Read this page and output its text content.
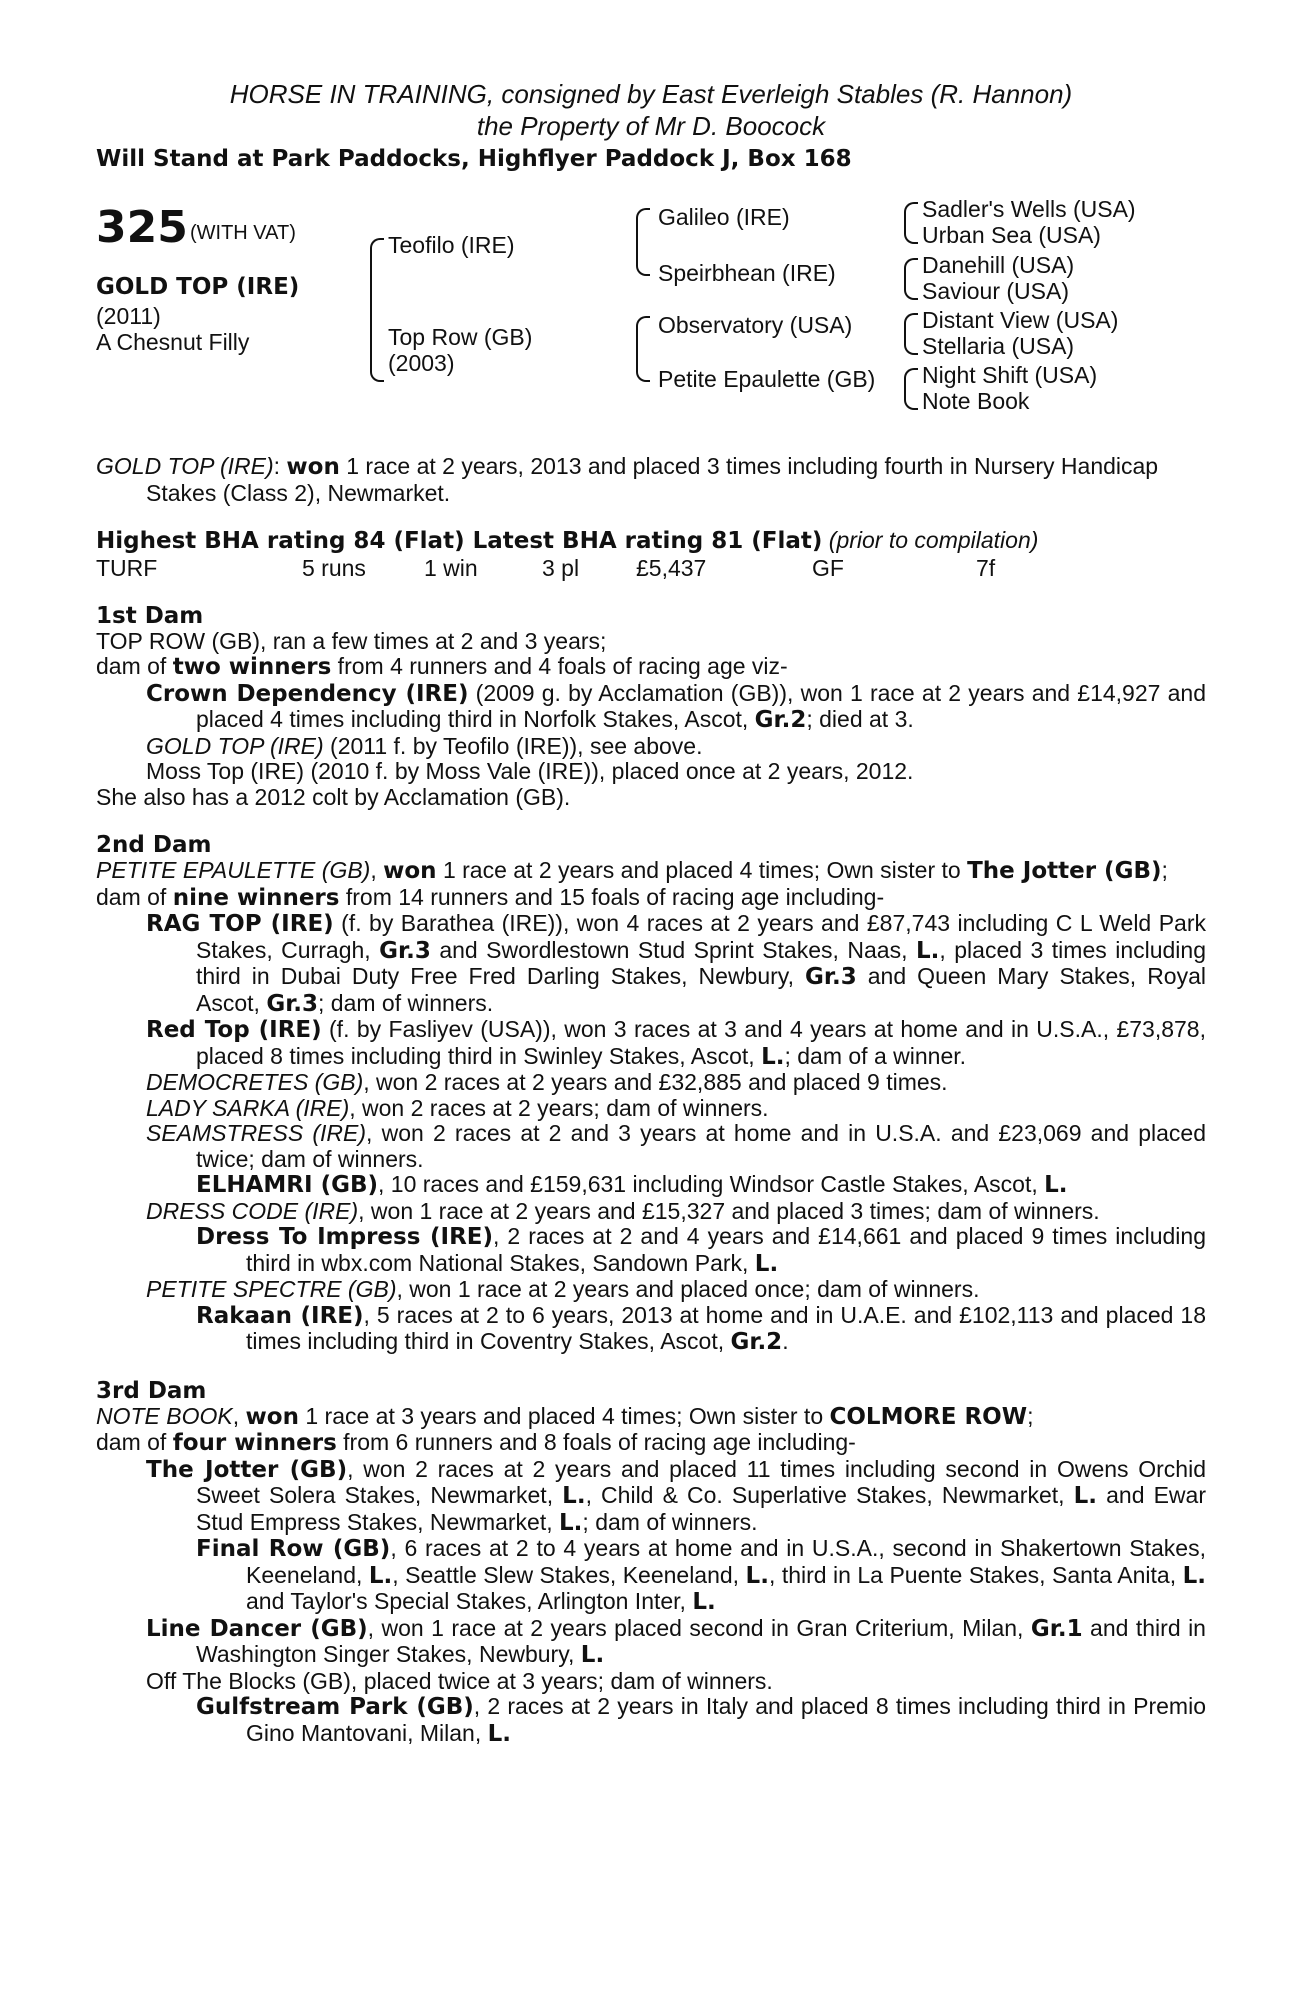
HORSE IN TRAINING, consigned by East Everleigh Stables (R. Hannon)
the Property of Mr D. Boocock
Will Stand at Park Paddocks, Highflyer Paddock J, Box 168
325 (WITH VAT)
GOLD TOP (IRE)
(2011)
A Chesnut Filly
Teofilo (IRE)
Top Row (GB)
(2003)
Galileo (IRE)
Speirbhean (IRE)
Observatory (USA)
Petite Epaulette (GB)
Sadler's Wells (USA)
Urban Sea (USA)
Danehill (USA)
Saviour (USA)
Distant View (USA)
Stellaria (USA)
Night Shift (USA)
Note Book
GOLD TOP (IRE): won 1 race at 2 years, 2013 and placed 3 times including fourth in Nursery Handicap Stakes (Class 2), Newmarket.
Highest BHA rating 84 (Flat) Latest BHA rating 81 (Flat) (prior to compilation)
TURF	5 runs	1 win	3 pl £5,437	GF	7f
1st Dam
TOP ROW (GB), ran a few times at 2 and 3 years;
dam of two winners from 4 runners and 4 foals of racing age viz-
Crown Dependency (IRE) (2009 g. by Acclamation (GB)), won 1 race at 2 years and £14,927 and placed 4 times including third in Norfolk Stakes, Ascot, Gr.2; died at 3.
GOLD TOP (IRE) (2011 f. by Teofilo (IRE)), see above.
Moss Top (IRE) (2010 f. by Moss Vale (IRE)), placed once at 2 years, 2012.
She also has a 2012 colt by Acclamation (GB).
2nd Dam
PETITE EPAULETTE (GB), won 1 race at 2 years and placed 4 times; Own sister to The Jotter (GB);
dam of nine winners from 14 runners and 15 foals of racing age including-
RAG TOP (IRE) (f. by Barathea (IRE)), won 4 races at 2 years and £87,743 including C L Weld Park Stakes, Curragh, Gr.3 and Swordlestown Stud Sprint Stakes, Naas, L., placed 3 times including third in Dubai Duty Free Fred Darling Stakes, Newbury, Gr.3 and Queen Mary Stakes, Royal Ascot, Gr.3; dam of winners.
Red Top (IRE) (f. by Fasliyev (USA)), won 3 races at 3 and 4 years at home and in U.S.A., £73,878, placed 8 times including third in Swinley Stakes, Ascot, L.; dam of a winner.
DEMOCRETES (GB), won 2 races at 2 years and £32,885 and placed 9 times.
LADY SARKA (IRE), won 2 races at 2 years; dam of winners.
SEAMSTRESS (IRE), won 2 races at 2 and 3 years at home and in U.S.A. and £23,069 and placed twice; dam of winners.
ELHAMRI (GB), 10 races and £159,631 including Windsor Castle Stakes, Ascot, L.
DRESS CODE (IRE), won 1 race at 2 years and £15,327 and placed 3 times; dam of winners.
Dress To Impress (IRE), 2 races at 2 and 4 years and £14,661 and placed 9 times including third in wbx.com National Stakes, Sandown Park, L.
PETITE SPECTRE (GB), won 1 race at 2 years and placed once; dam of winners.
Rakaan (IRE), 5 races at 2 to 6 years, 2013 at home and in U.A.E. and £102,113 and placed 18 times including third in Coventry Stakes, Ascot, Gr.2.
3rd Dam
NOTE BOOK, won 1 race at 3 years and placed 4 times; Own sister to COLMORE ROW;
dam of four winners from 6 runners and 8 foals of racing age including-
The Jotter (GB), won 2 races at 2 years and placed 11 times including second in Owens Orchid Sweet Solera Stakes, Newmarket, L., Child & Co. Superlative Stakes, Newmarket, L. and Ewar Stud Empress Stakes, Newmarket, L.; dam of winners.
Final Row (GB), 6 races at 2 to 4 years at home and in U.S.A., second in Shakertown Stakes, Keeneland, L., Seattle Slew Stakes, Keeneland, L., third in La Puente Stakes, Santa Anita, L. and Taylor's Special Stakes, Arlington Inter, L.
Line Dancer (GB), won 1 race at 2 years placed second in Gran Criterium, Milan, Gr.1 and third in Washington Singer Stakes, Newbury, L.
Off The Blocks (GB), placed twice at 3 years; dam of winners.
Gulfstream Park (GB), 2 races at 2 years in Italy and placed 8 times including third in Premio Gino Mantovani, Milan, L.
